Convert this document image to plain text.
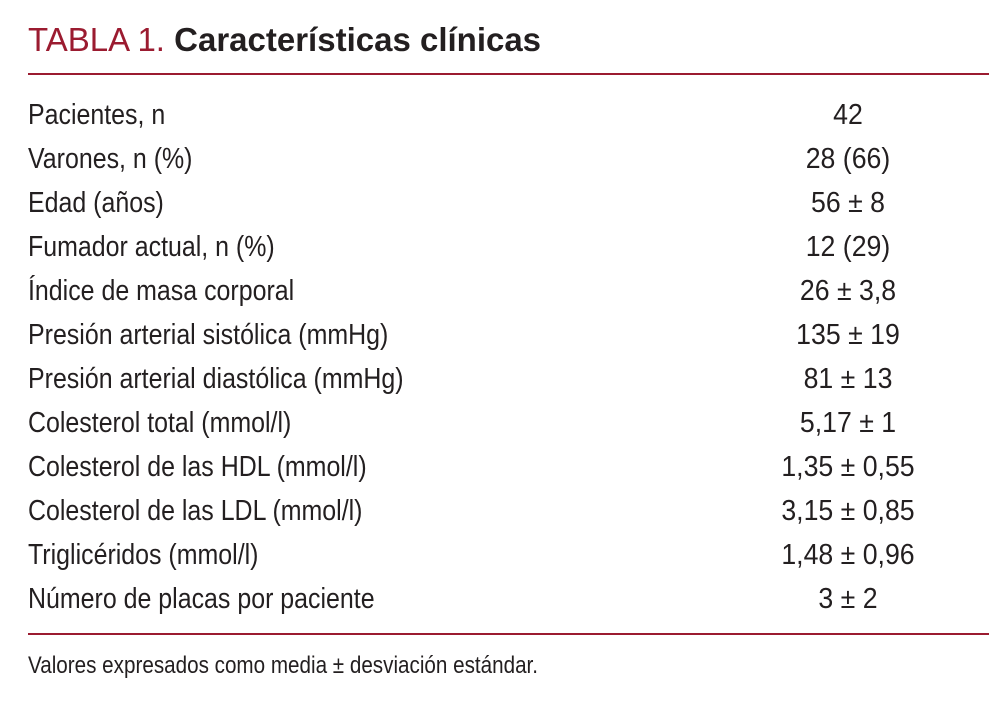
TABLA 1. Características clínicas
Pacientes, n	42
Varones, n (%)	28 (66)
Edad (años)	56 ± 8
Fumador actual, n (%)	12 (29)
Índice de masa corporal	26 ± 3,8
Presión arterial sistólica (mmHg)	135 ± 19
Presión arterial diastólica (mmHg)	81 ± 13
Colesterol total (mmol/l)	5,17 ± 1
Colesterol de las HDL (mmol/l)	1,35 ± 0,55
Colesterol de las LDL (mmol/l)	3,15 ± 0,85
Triglicéridos (mmol/l)	1,48 ± 0,96
Número de placas por paciente	3 ± 2
Valores expresados como media ± desviación estándar.
